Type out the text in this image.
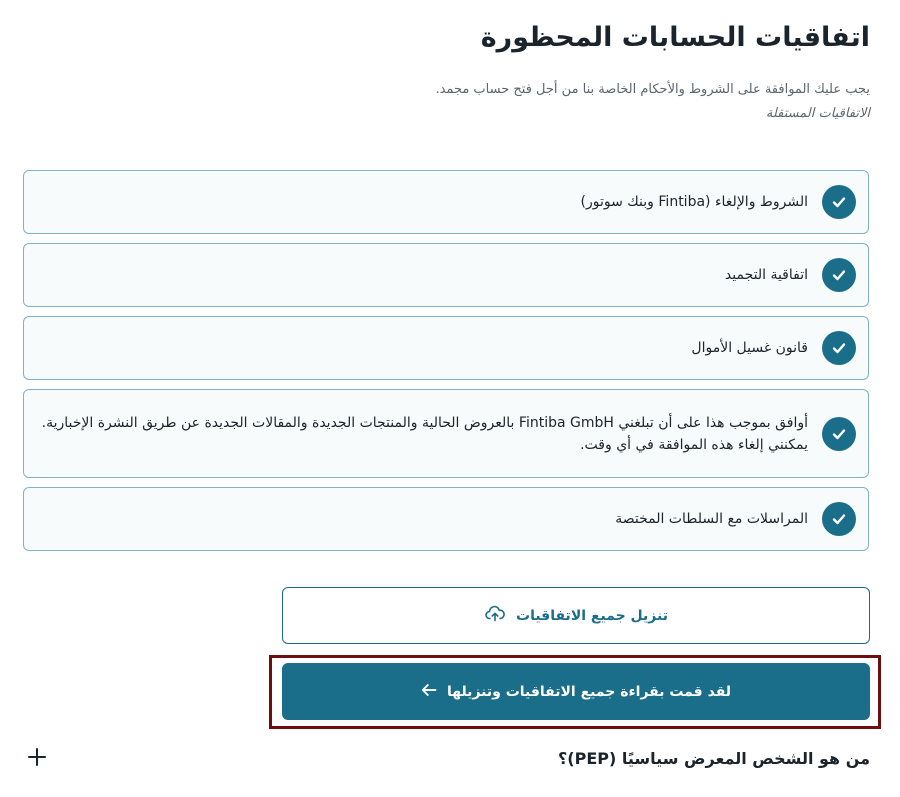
اتفاقيات الحسابات المحظورة
يجب عليك الموافقة على الشروط والأحكام الخاصة بنا من أجل فتح حساب مجمد.
الاتفاقيات المستقلة
الشروط والإلغاء (Fintiba وبنك سوتور)
اتفاقية التجميد
قانون غسيل الأموال
أوافق بموجب هذا على أن تبلغني Fintiba GmbH بالعروض الحالية والمنتجات الجديدة والمقالات الجديدة عن طريق النشرة الإخبارية. يمكنني إلغاء هذه الموافقة في أي وقت.
المراسلات مع السلطات المختصة
تنزيل جميع الاتفاقيات
لقد قمت بقراءة جميع الاتفاقيات وتنزيلها
من هو الشخص المعرض سياسيًا (PEP)؟
